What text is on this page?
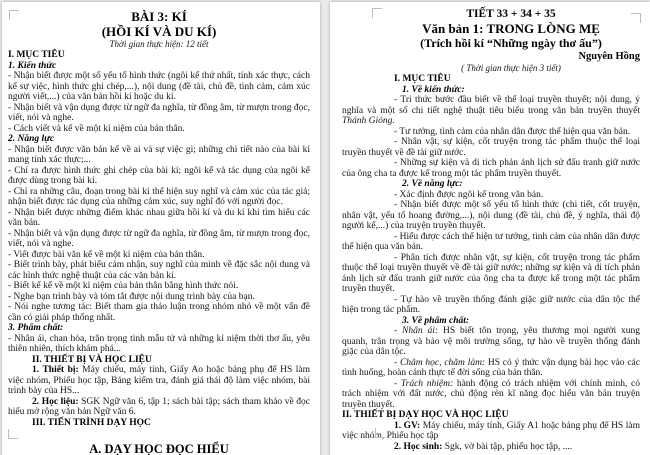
BÀI 3: KÍ

(HỒI KÍ VÀ DU KÍ)

Thời gian thực hiện: 12 tiết

I. MỤC TIÊU

1. Kiến thức

- Nhận biết được một số yếu tố hình thức (ngôi kể thứ nhất, tính xác thực, cách kể sự việc, hình thức ghi chép,...), nội dung (đề tài, chủ đề, tình cảm, cảm xúc người viết,...) của văn bản hồi kí hoặc du kí.

- Nhận biết và vận dụng được từ ngữ đa nghĩa, từ đồng âm, từ mượn trong đọc, viết, nói và nghe.

- Cách viết và kể về một kỉ niệm của bản thân.

2. Năng lực

- Nhận biết được văn bản kể về ai và sự việc gì; những chi tiết nào của bài kí mang tính xác thực;...

- Chỉ ra được hình thức ghi chép của bài kí; ngôi kể và tác dụng của ngôi kể được dùng trong bài kí.

- Chỉ ra những câu, đoạn trong bài kí thể hiện suy nghĩ và cảm xúc của tác giả; nhận biết được tác dụng của những cảm xúc, suy nghĩ đó với người đọc.

- Nhận biết được những điểm khác nhau giữa hồi kí và du kí khi tìm hiểu các văn bản.

- Nhận biết và vận dụng được từ ngữ đa nghĩa, từ đồng âm, từ mượn trong đọc, viết, nói và nghe.

- Viết được bài văn kể về một kỉ niệm của bản thân.

- Biết trình bày, phát biểu cảm nhận, suy nghĩ của mình về đặc sắc nội dung và các hình thức nghệ thuật của các văn bản kí.

- Biết kể kể về một kỉ niệm của bản thân bằng hình thức nói.

- Nghe bạn trình bày và tóm tắt được nội dung trình bày của bạn.

- Nói nghe tương tác: Biết tham gia thảo luận trong nhóm nhỏ về một vấn đề cần có giải pháp thống nhất.

3. Phẩm chất:

- Nhân ái, chan hòa, trân trọng tình mẫu tử và những kỉ niệm thời thơ ấu, yêu thiên nhiên, thích khám phá...

II. THIẾT BỊ VÀ HỌC LIỆU

1. Thiết bị: Máy chiếu, máy tính, Giấy Ao hoặc bảng phụ để HS làm việc nhóm, Phiếu học tập, Bảng kiểm tra, đánh giá thái độ làm việc nhóm, bài trình bày của HS...

2. Học liệu: SGK Ngữ văn 6, tập 1; sách bài tập; sách tham khảo về đọc hiểu mở rộng văn bản Ngữ văn 6.

III. TIẾN TRÌNH DẠY HỌC

A. DẠY HỌC ĐỌC HIỂU

TIẾT 33 + 34 + 35

Văn bản 1: TRONG LÒNG MẸ

(Trích hồi kí “Những ngày thơ ấu”)

Nguyên Hồng

( Thời gian thực hiện 3 tiết)

I. MỤC TIÊU

1. Về kiến thức:

- Tri thức bước đầu biết về thể loại truyền thuyết; nội dung, ý nghĩa và một số chi tiết nghệ thuật tiêu biểu trong văn bản truyền thuyết Thánh Gióng.

- Tư tưởng, tình cảm của nhân dân được thể hiện qua văn bản.

- Nhân vật, sự kiện, cốt truyện trong tác phẩm thuộc thể loại truyền thuyết về đề tài giữ nước.

- Những sự kiện và di tích phản ánh lịch sử đấu tranh giữ nước của ông cha ta được kể trong một tác phẩm truyền thuyết.

2. Về năng lực:

- Xác định được ngôi kể trong văn bản.

- Nhận biết được một số yếu tố hình thức (chi tiết, cốt truyện, nhân vật, yếu tố hoang đường,...), nội dung (đề tài, chủ đề, ý nghĩa, thái độ người kể,...) của truyện truyền thuyết.

- Hiểu được cách thể hiện tư tưởng, tình cảm của nhân dân được thể hiện qua văn bản.

- Phân tích được nhân vật, sự kiện, cốt truyện trong tác phẩm thuộc thể loại truyền thuyết về đề tài giữ nước; những sự kiện và di tích phản ánh lịch sử đấu tranh giữ nước của ông cha ta được kể trong một tác phẩm truyền thuyết.

- Tự hào về truyền thống đánh giặc giữ nước của dân tộc thể hiện trong tác phẩm.

3. Về phẩm chất:

- Nhân ái: HS biết tôn trọng, yêu thương mọi người xung quanh, trân trọng và bảo vệ môi trường sống, tự hào về truyền thống đánh giặc của dân tộc.

- Chăm học, chăm làm: HS có ý thức vận dụng bài học vào các tình huống, hoàn cảnh thực tế đời sống của bản thân.

- Trách nhiệm: hành động có trách nhiệm với chính mình, có trách nhiệm với đất nước, chủ động rèn kĩ năng đọc hiểu văn bản truyện truyền thuyết.

II. THIẾT BỊ DẠY HỌC VÀ HỌC LIỆU

1. GV: Máy chiếu, máy tính, Giấy A1 hoặc bảng phụ để HS làm việc nhóm, Phiếu học tập

2. Học sinh: Sgk, vở bài tập, phiếu học tập, ....
